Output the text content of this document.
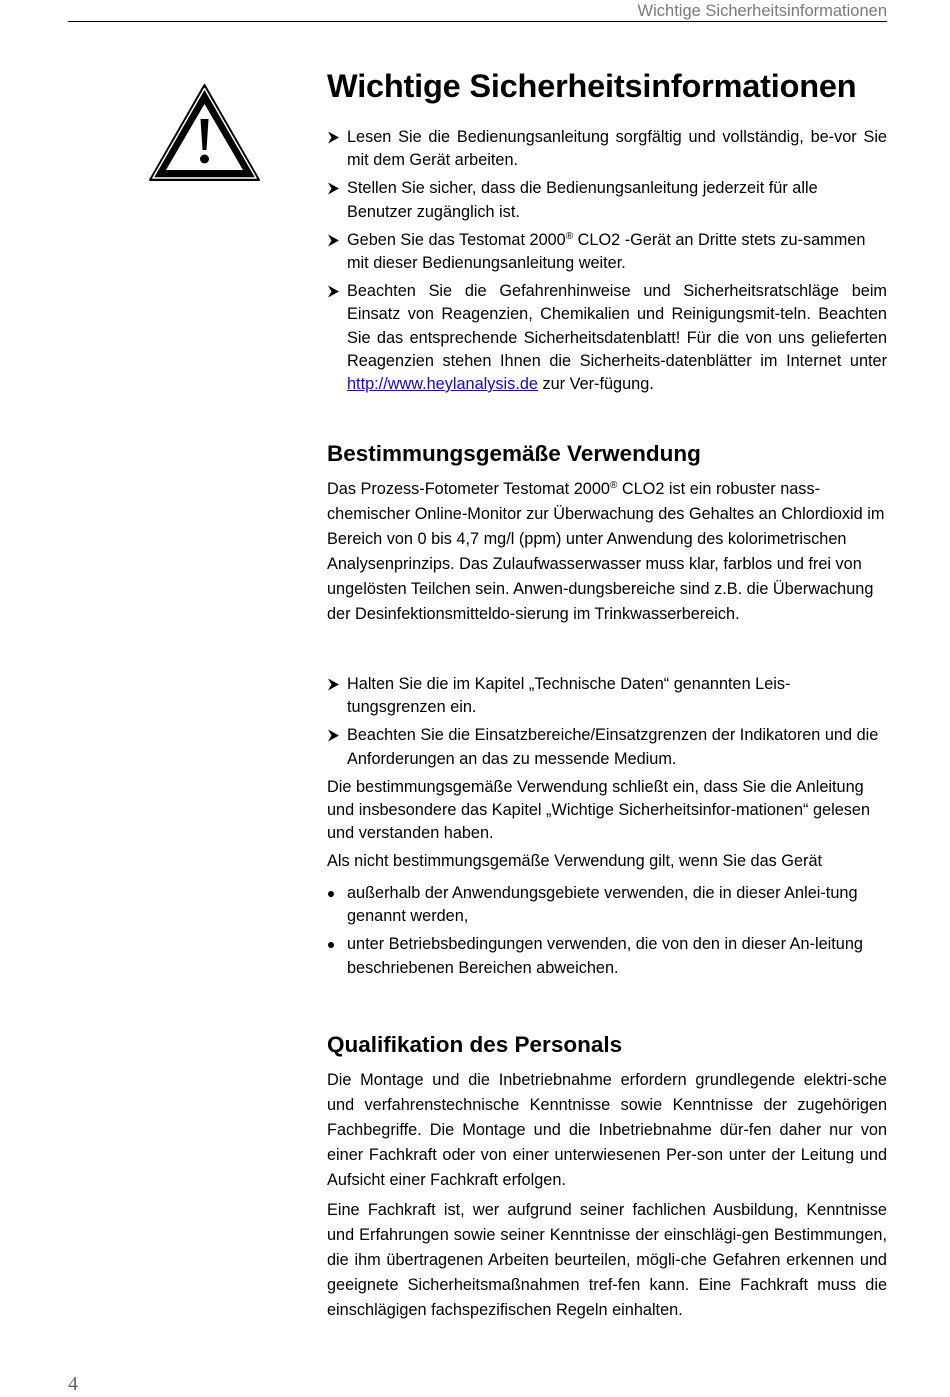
Wichtige Sicherheitsinformationen
Wichtige Sicherheitsinformationen
Lesen Sie die Bedienungsanleitung sorgfältig und vollständig, be-vor Sie mit dem Gerät arbeiten.
Stellen Sie sicher, dass die Bedienungsanleitung jederzeit für alle Benutzer zugänglich ist.
Geben Sie das Testomat 2000® CLO2 -Gerät an Dritte stets zu-sammen mit dieser Bedienungsanleitung weiter.
Beachten Sie die Gefahrenhinweise und Sicherheitsratschläge beim Einsatz von Reagenzien, Chemikalien und Reinigungsmit-teln. Beachten Sie das entsprechende Sicherheitsdatenblatt! Für die von uns gelieferten Reagenzien stehen Ihnen die Sicherheits-datenblätter im Internet unter http://www.heylanalysis.de zur Ver-fügung.
Bestimmungsgemäße Verwendung

Das Prozess-Fotometer Testomat 2000® CLO2 ist ein robuster nass-chemischer Online-Monitor zur Überwachung des Gehaltes an Chlordioxid im Bereich von 0 bis 4,7 mg/l (ppm) unter Anwendung des kolorimetrischen Analysenprinzips. Das Zulaufwasserwasser muss klar, farblos und frei von ungelösten Teilchen sein. Anwen-dungsbereiche sind z.B. die Überwachung der Desinfektionsmitteldo-sierung im Trinkwasserbereich.

Halten Sie die im Kapitel „Technische Daten“ genannten Leis-tungsgrenzen ein.
Beachten Sie die Einsatzbereiche/Einsatzgrenzen der Indikatoren und die Anforderungen an das zu messende Medium.

Die bestimmungsgemäße Verwendung schließt ein, dass Sie die Anleitung und insbesondere das Kapitel „Wichtige Sicherheitsinfor-mationen“ gelesen und verstanden haben.

Als nicht bestimmungsgemäße Verwendung gilt, wenn Sie das Gerät

außerhalb der Anwendungsgebiete verwenden, die in dieser Anlei-tung genannt werden,
unter Betriebsbedingungen verwenden, die von den in dieser An-leitung beschriebenen Bereichen abweichen.
Qualifikation des Personals

Die Montage und die Inbetriebnahme erfordern grundlegende elektri-sche und verfahrenstechnische Kenntnisse sowie Kenntnisse der zugehörigen Fachbegriffe. Die Montage und die Inbetriebnahme dür-fen daher nur von einer Fachkraft oder von einer unterwiesenen Per-son unter der Leitung und Aufsicht einer Fachkraft erfolgen.

Eine Fachkraft ist, wer aufgrund seiner fachlichen Ausbildung, Kenntnisse und Erfahrungen sowie seiner Kenntnisse der einschlägi-gen Bestimmungen, die ihm übertragenen Arbeiten beurteilen, mögli-che Gefahren erkennen und geeignete Sicherheitsmaßnahmen tref-fen kann. Eine Fachkraft muss die einschlägigen fachspezifischen Regeln einhalten.

4
